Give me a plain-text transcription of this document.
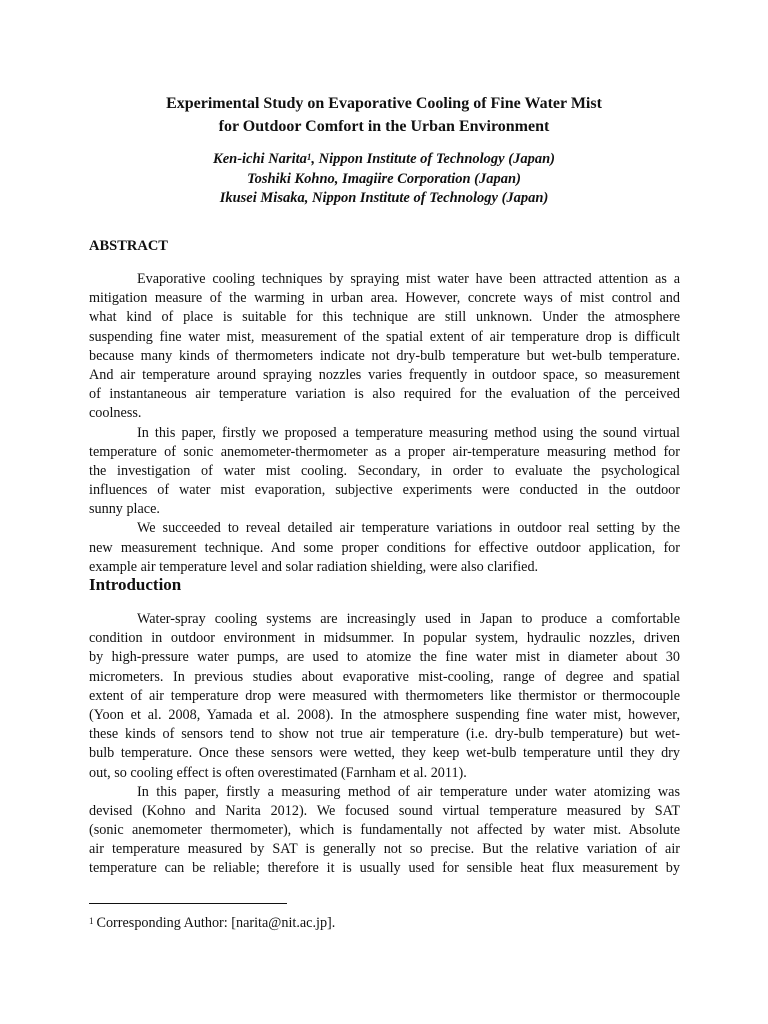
Experimental Study on Evaporative Cooling of Fine Water Mist
for Outdoor Comfort in the Urban Environment
Ken-ichi Narita$^1$, Nippon Institute of Technology (Japan)
Toshiki Kohno, Imagiire Corporation (Japan)
Ikusei Misaka, Nippon Institute of Technology (Japan)
ABSTRACT
Evaporative cooling techniques by spraying mist water have been attracted attention as a
mitigation measure of the warming in urban area. However, concrete ways of mist control and
what kind of place is suitable for this technique are still unknown. Under the atmosphere
suspending fine water mist, measurement of the spatial extent of air temperature drop is difficult
because many kinds of thermometers indicate not dry-bulb temperature but wet-bulb temperature.
And air temperature around spraying nozzles varies frequently in outdoor space, so measurement
of instantaneous air temperature variation is also required for the evaluation of the perceived
coolness.
In this paper, firstly we proposed a temperature measuring method using the sound virtual
temperature of sonic anemometer-thermometer as a proper air-temperature measuring method for
the investigation of water mist cooling. Secondary, in order to evaluate the psychological
influences of water mist evaporation, subjective experiments were conducted in the outdoor
sunny place.
We succeeded to reveal detailed air temperature variations in outdoor real setting by the
new measurement technique. And some proper conditions for effective outdoor application, for
example air temperature level and solar radiation shielding, were also clarified.
Introduction
Water-spray cooling systems are increasingly used in Japan to produce a comfortable
condition in outdoor environment in midsummer. In popular system, hydraulic nozzles, driven
by high-pressure water pumps, are used to atomize the fine water mist in diameter about 30
micrometers. In previous studies about evaporative mist-cooling, range of degree and spatial
extent of air temperature drop were measured with thermometers like thermistor or thermocouple
(Yoon et al. 2008, Yamada et al. 2008). In the atmosphere suspending fine water mist, however,
these kinds of sensors tend to show not true air temperature (i.e. dry-bulb temperature) but wet-
bulb temperature. Once these sensors were wetted, they keep wet-bulb temperature until they dry
out, so cooling effect is often overestimated (Farnham et al. 2011).
In this paper, firstly a measuring method of air temperature under water atomizing was
devised (Kohno and Narita 2012). We focused sound virtual temperature measured by SAT
(sonic anemometer thermometer), which is fundamentally not affected by water mist. Absolute
air temperature measured by SAT is generally not so precise. But the relative variation of air
temperature can be reliable; therefore it is usually used for sensible heat flux measurement by
$^1$ Corresponding Author: [narita@nit.ac.jp].
